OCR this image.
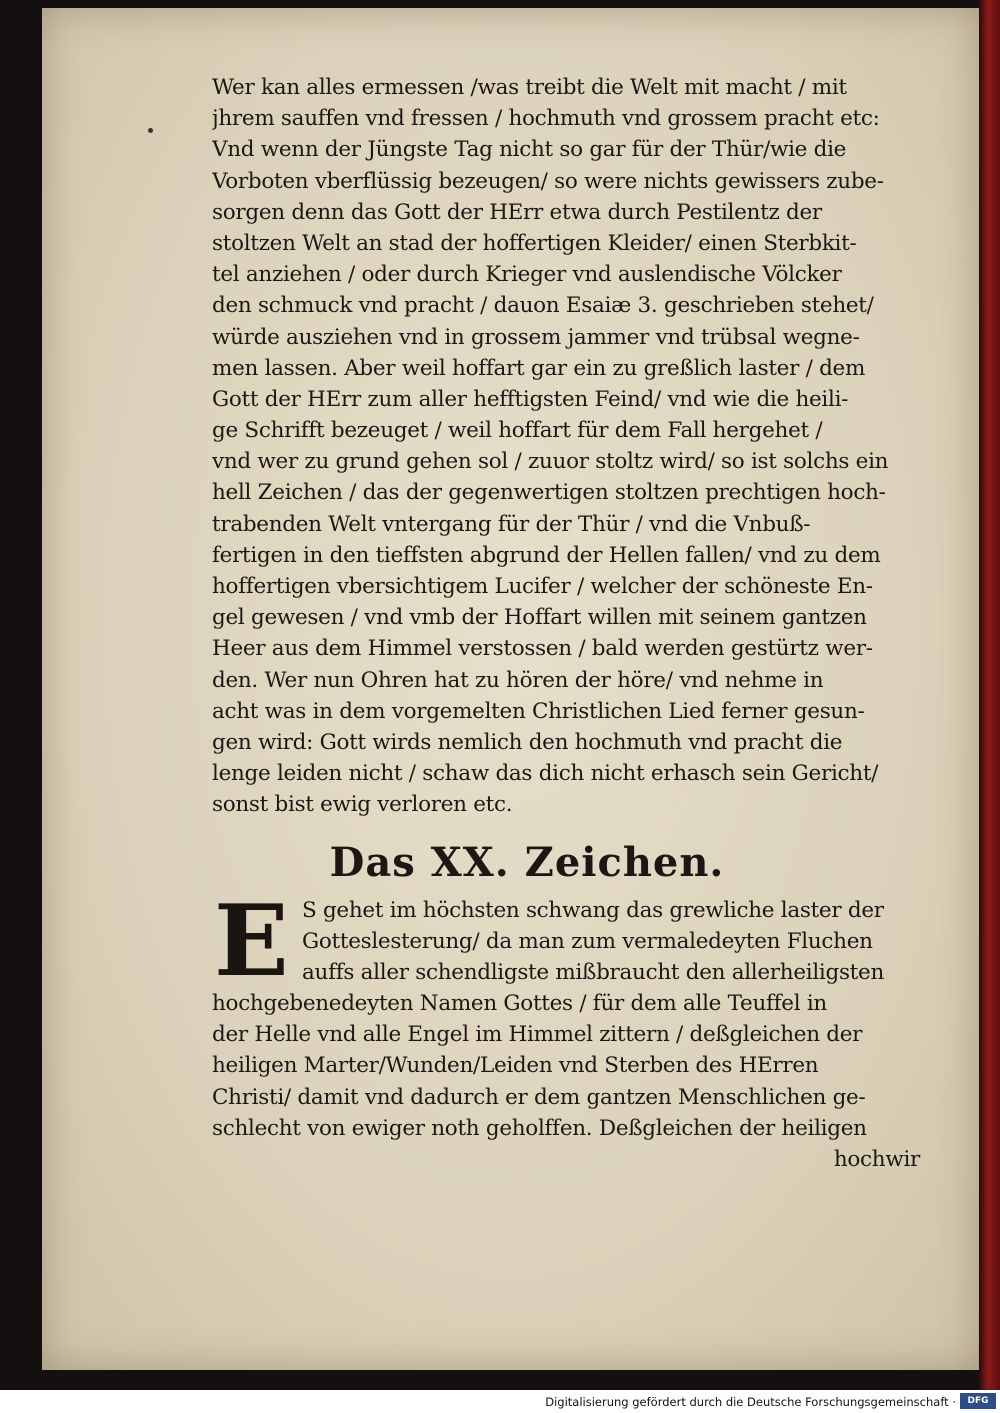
Wer kan alles ermessen /was treibt die Welt mit macht / mit
jhrem sauffen vnd fressen / hochmuth vnd grossem pracht etc:
Vnd wenn der Jüngste Tag nicht so gar für der Thür/wie die
Vorboten vberflüssig bezeugen/ so were nichts gewissers zube-
sorgen denn das Gott der HErr etwa durch Pestilentz der
stoltzen Welt an stad der hoffertigen Kleider/ einen Sterbkit-
tel anziehen / oder durch Krieger vnd auslendische Völcker
den schmuck vnd pracht / dauon Esaiæ 3. geschrieben stehet/
würde ausziehen vnd in grossem jammer vnd trübsal wegne-
men lassen. Aber weil hoffart gar ein zu greßlich laster / dem
Gott der HErr zum aller hefftigsten Feind/ vnd wie die heili-
ge Schrifft bezeuget / weil hoffart für dem Fall hergehet /
vnd wer zu grund gehen sol / zuuor stoltz wird/ so ist solchs ein
hell Zeichen / das der gegenwertigen stoltzen prechtigen hoch-
trabenden Welt vntergang für der Thür / vnd die Vnbuß-
fertigen in den tieffsten abgrund der Hellen fallen/ vnd zu dem
hoffertigen vbersichtigem Lucifer / welcher der schöneste En-
gel gewesen / vnd vmb der Hoffart willen mit seinem gantzen
Heer aus dem Himmel verstossen / bald werden gestürtz wer-
den. Wer nun Ohren hat zu hören der höre/ vnd nehme in
acht was in dem vorgemelten Christlichen Lied ferner gesun-
gen wird: Gott wirds nemlich den hochmuth vnd pracht die
lenge leiden nicht / schaw das dich nicht erhasch sein Gericht/
sonst bist ewig verloren etc.
Das XX. Zeichen.
E S gehet im höchsten schwang das grewliche laster der
Gotteslesterung/ da man zum vermaledeyten Fluchen
auffs aller schendligste mißbraucht den allerheiligsten
hochgebenedeyten Namen Gottes / für dem alle Teuffel in
der Helle vnd alle Engel im Himmel zittern / deßgleichen der
heiligen Marter/Wunden/Leiden vnd Sterben des HErren
Christi/ damit vnd dadurch er dem gantzen Menschlichen ge-
schlecht von ewiger noth geholffen. Deßgleichen der heiligen
hochwir
Digitalisierung gefördert durch die Deutsche Forschungsgemeinschaft ·	DFG
